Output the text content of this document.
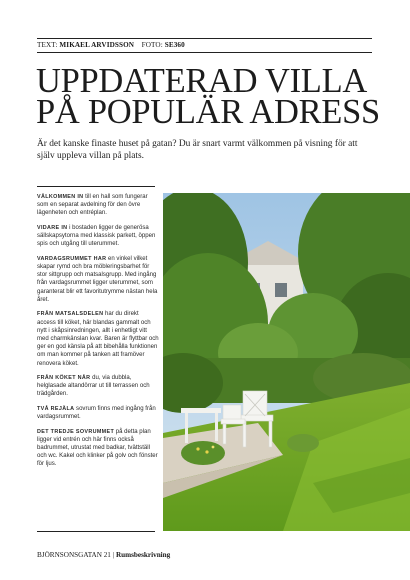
TEXT: MIKAEL ARVIDSSON FOTO: SE360
UPPDATERAD VILLA
PÅ POPULÄR ADRESS

Är det kanske finaste huset på gatan? Du är snart varmt välkommen på visning för att själv uppleva villan på plats.

VÄLKOMMEN IN till en hall som fungerar som en separat avdelning för den övre lägenheten och entréplan.

VIDARE IN i bostaden ligger de generösa sällskapsytorna med klassisk parkett, öppen spis och utgång till uterummet.

VARDAGSRUMMET HAR en vinkel vilket skapar rymd och bra möbleringsbarhet för stor sittgrupp och matsalsgrupp. Med ingång från vardagsrummet ligger uterummet, som garanterat blir ett favoritutrymme nästan hela året.

FRÅN MATSALSDELEN har du direkt access till köket, här blandas gammalt och nytt i skåpsinredningen, allt i enhetligt vitt med charmkänslan kvar. Baren är flyttbar och ger en god känsla på att bibehålla funktionen om man kommer på tanken att framöver renovera köket.

FRÅN KÖKET NÅR du, via dubbla, helglasade altandörrar ut till terrassen och trädgården.

TVÅ REJÄLA sovrum finns med ingång från vardagsrummet.

DET TREDJE SOVRUMMET på detta plan ligger vid entrén och här finns också badrummet, utrustat med badkar, tvättställ och wc. Kakel och klinker på golv och fönster för ljus.

BJÖRNSONSGATAN 21 | Rumsbeskrivning
